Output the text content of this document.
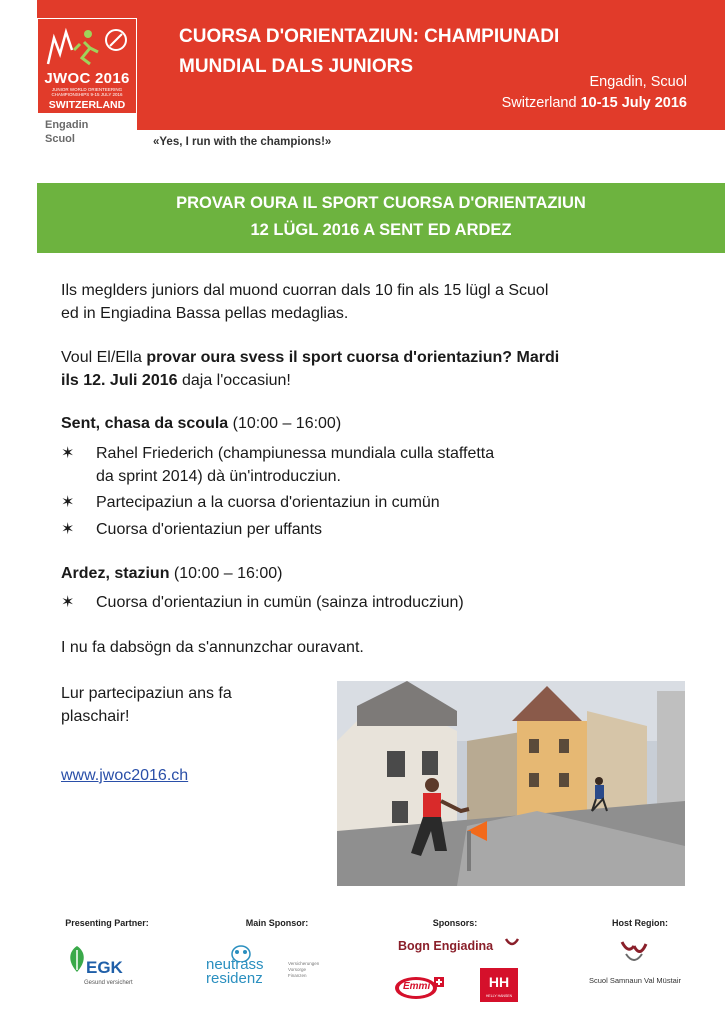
JWOC 2016
JUNIOR WORLD ORIENTEERING
CHAMPIONSHIPS 9-15 JULY 2016
SWITZERLAND
Engadin
Scuol
CUORSA D'ORIENTAZIUN: CHAMPIUNADI
MUNDIAL DALS JUNIORS
Engadin, Scuol
Switzerland 10-15 July 2016
«Yes, I run with the champions!»
PROVAR OURA IL SPORT CUORSA D'ORIENTAZIUN
12 LÜGL 2016 A SENT ED ARDEZ
Ils meglders juniors dal muond cuorran dals 10 fin als 15 lügl a Scuol
ed in Engiadina Bassa pellas medaglias.
Voul El/Ella provar oura svess il sport cuorsa d'orientaziun? Mardi
ils 12. Juli 2016 daja l'occasiun!
Sent, chasa da scoula (10:00 – 16:00)
✶	Rahel Friederich (champiunessa mundiala culla staffetta
da sprint 2014) dà ün'introducziun.
✶	Partecipaziun a la cuorsa d'orientaziun in cumün
✶	Cuorsa d'orientaziun per uffants
Ardez, staziun (10:00 – 16:00)
✶	Cuorsa d'orientaziun in cumün (sainza introducziun)
I nu fa dabsögn da s'annunzchar ouravant.
Lur partecipaziun ans fa
plaschair!
www.jwoc2016.ch
Presenting Partner:	Main Sponsor:	Sponsors:	Host Region:
EGK
Gesund versichert
neutrass
residenz
Versicherungen
Vorsorge
Finanzen
Bogn Engiadina
Emmi	HH
HELLY HANSEN
Scuol Samnaun Val Müstair
